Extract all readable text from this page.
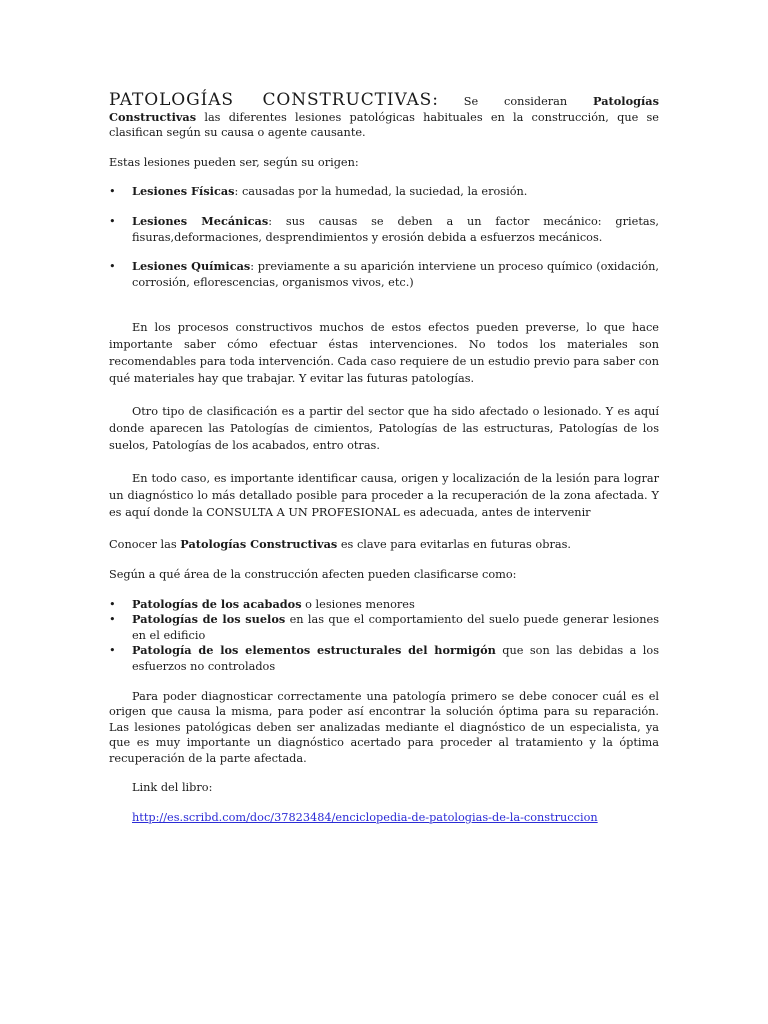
PATOLOGÍAS CONSTRUCTIVAS: Se consideran Patologías Constructivas las diferentes lesiones patológicas habituales en la construcción, que se clasifican según su causa o agente causante.

Estas lesiones pueden ser, según su origen:

• Lesiones Físicas: causadas por la humedad, la suciedad, la erosión.
• Lesiones Mecánicas: sus causas se deben a un factor mecánico: grietas, fisuras,deformaciones, desprendimientos y erosión debida a esfuerzos mecánicos.
• Lesiones Químicas: previamente a su aparición interviene un proceso químico (oxidación, corrosión, eflorescencias, organismos vivos, etc.)

En los procesos constructivos muchos de estos efectos pueden preverse, lo que hace importante saber cómo efectuar éstas intervenciones. No todos los materiales son recomendables para toda intervención. Cada caso requiere de un estudio previo para saber con qué materiales hay que trabajar. Y evitar las futuras patologías.

Otro tipo de clasificación es a partir del sector que ha sido afectado o lesionado. Y es aquí donde aparecen las Patologías de cimientos, Patologías de las estructuras, Patologías de los suelos, Patologías de los acabados, entro otras.

En todo caso, es importante identificar causa, origen y localización de la lesión para lograr un diagnóstico lo más detallado posible para proceder a la recuperación de la zona afectada. Y es aquí donde la CONSULTA A UN PROFESIONAL es adecuada, antes de intervenir

Conocer las Patologías Constructivas es clave para evitarlas en futuras obras.

Según a qué área de la construcción afecten pueden clasificarse como:

• Patologías de los acabados o lesiones menores
• Patologías de los suelos en las que el comportamiento del suelo puede generar lesiones en el edificio
• Patología de los elementos estructurales del hormigón que son las debidas a los esfuerzos no controlados

Para poder diagnosticar correctamente una patología primero se debe conocer cuál es el origen que causa la misma, para poder así encontrar la solución óptima para su reparación. Las lesiones patológicas deben ser analizadas mediante el diagnóstico de un especialista, ya que es muy importante un diagnóstico acertado para proceder al tratamiento y la óptima recuperación de la parte afectada.

Link del libro:

http://es.scribd.com/doc/37823484/enciclopedia-de-patologias-de-la-construccion
